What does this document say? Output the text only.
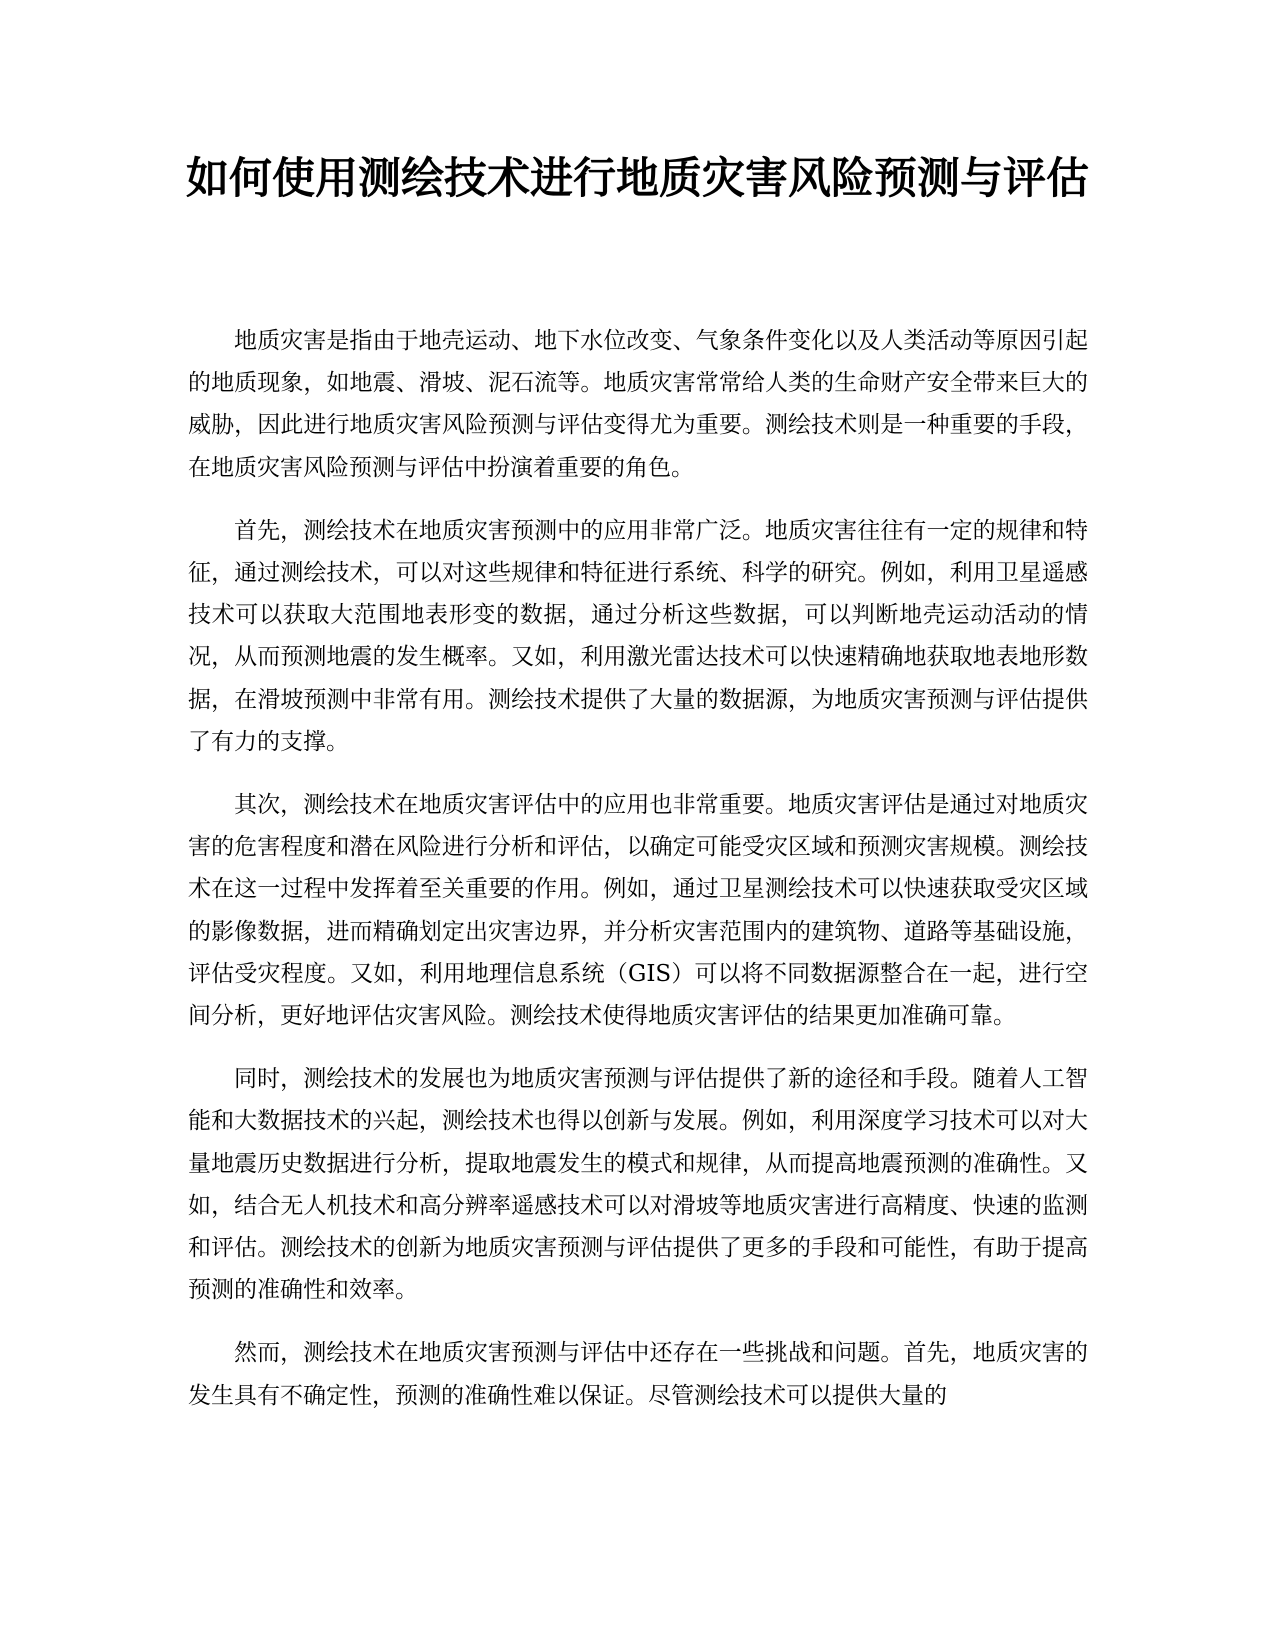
如何使用测绘技术进行地质灾害风险预测与评估

地质灾害是指由于地壳运动、地下水位改变、气象条件变化以及人类活动等原因引起的地质现象，如地震、滑坡、泥石流等。地质灾害常常给人类的生命财产安全带来巨大的威胁，因此进行地质灾害风险预测与评估变得尤为重要。测绘技术则是一种重要的手段，在地质灾害风险预测与评估中扮演着重要的角色。

首先，测绘技术在地质灾害预测中的应用非常广泛。地质灾害往往有一定的规律和特征，通过测绘技术，可以对这些规律和特征进行系统、科学的研究。例如，利用卫星遥感技术可以获取大范围地表形变的数据，通过分析这些数据，可以判断地壳运动活动的情况，从而预测地震的发生概率。又如，利用激光雷达技术可以快速精确地获取地表地形数据，在滑坡预测中非常有用。测绘技术提供了大量的数据源，为地质灾害预测与评估提供了有力的支撑。

其次，测绘技术在地质灾害评估中的应用也非常重要。地质灾害评估是通过对地质灾害的危害程度和潜在风险进行分析和评估，以确定可能受灾区域和预测灾害规模。测绘技术在这一过程中发挥着至关重要的作用。例如，通过卫星测绘技术可以快速获取受灾区域的影像数据，进而精确划定出灾害边界，并分析灾害范围内的建筑物、道路等基础设施，评估受灾程度。又如，利用地理信息系统（GIS）可以将不同数据源整合在一起，进行空间分析，更好地评估灾害风险。测绘技术使得地质灾害评估的结果更加准确可靠。

同时，测绘技术的发展也为地质灾害预测与评估提供了新的途径和手段。随着人工智能和大数据技术的兴起，测绘技术也得以创新与发展。例如，利用深度学习技术可以对大量地震历史数据进行分析，提取地震发生的模式和规律，从而提高地震预测的准确性。又如，结合无人机技术和高分辨率遥感技术可以对滑坡等地质灾害进行高精度、快速的监测和评估。测绘技术的创新为地质灾害预测与评估提供了更多的手段和可能性，有助于提高预测的准确性和效率。

然而，测绘技术在地质灾害预测与评估中还存在一些挑战和问题。首先，地质灾害的发生具有不确定性，预测的准确性难以保证。尽管测绘技术可以提供大量的
